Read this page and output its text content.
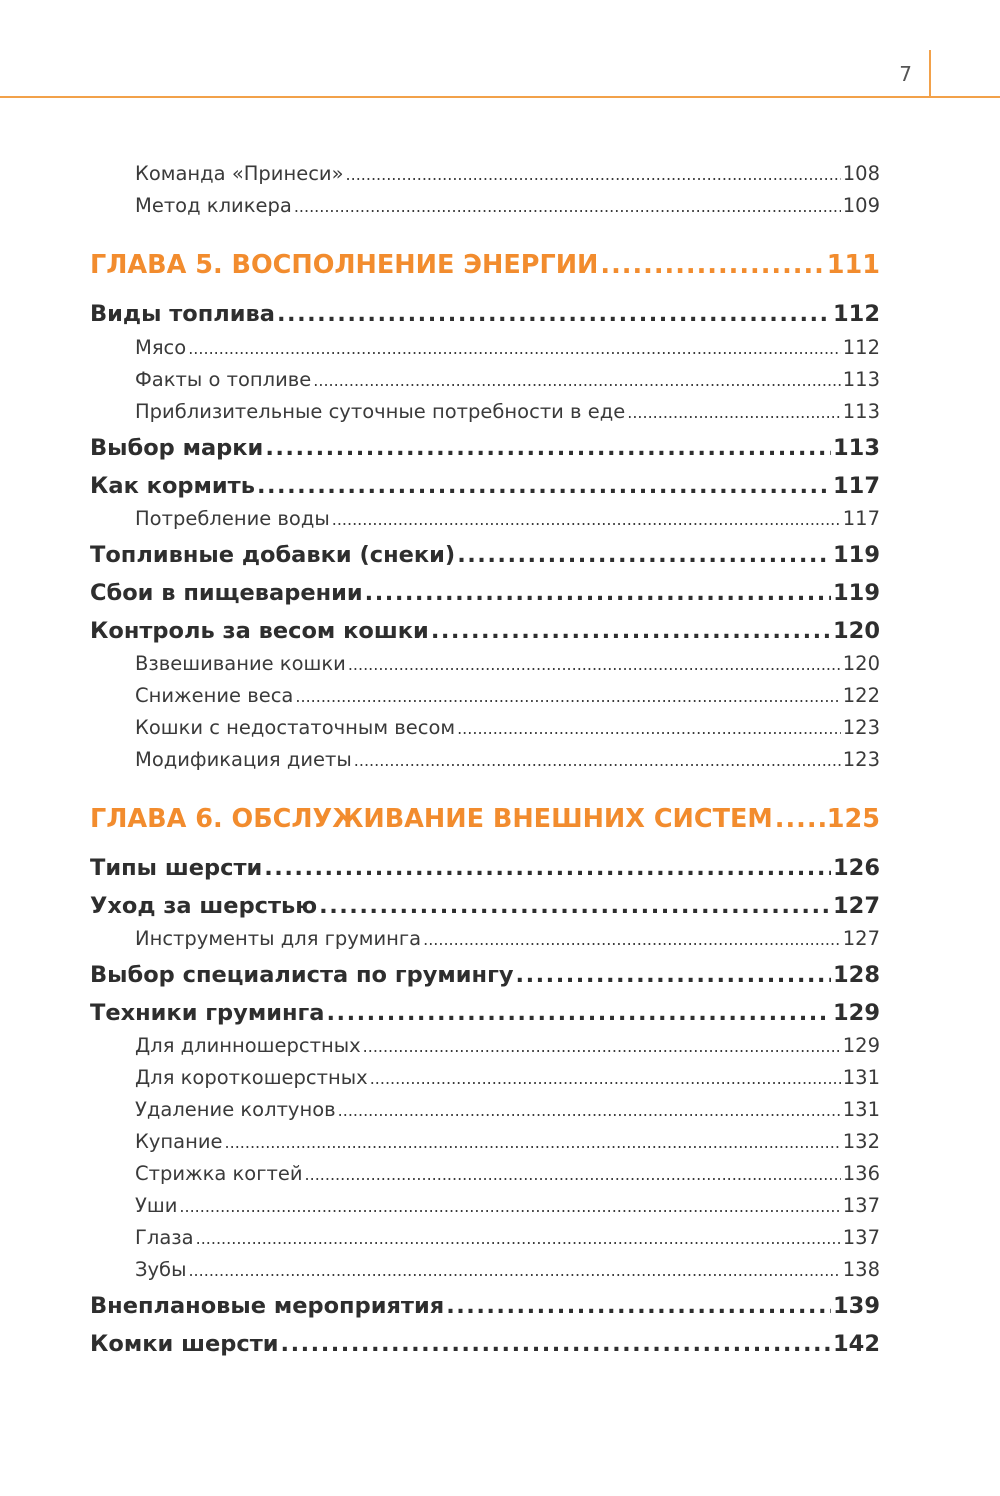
7
Команда «Принеси» .....	108
Метод кликера .....	109
ГЛАВА 5. ВОСПОЛНЕНИЕ ЭНЕРГИИ .....	111
Виды топлива .....	112
Мясо .....	112
Факты о топливе .....	113
Приблизительные суточные потребности в еде .....	113
Выбор марки .....	113
Как кормить .....	117
Потребление воды .....	117
Топливные добавки (снеки) .....	119
Сбои в пищеварении .....	119
Контроль за весом кошки .....	120
Взвешивание кошки .....	120
Снижение веса .....	122
Кошки с недостаточным весом .....	123
Модификация диеты .....	123
ГЛАВА 6. ОБСЛУЖИВАНИЕ ВНЕШНИХ СИСТЕМ ..... 125
Типы шерсти .....	126
Уход за шерстью .....	127
Инструменты для груминга .....	127
Выбор специалиста по грумингу .....	128
Техники груминга .....	129
Для длинношерстных .....	129
Для короткошерстных .....	131
Удаление колтунов .....	131
Купание .....	132
Стрижка когтей .....	136
Уши .....	137
Глаза .....	137
Зубы .....	138
Внеплановые мероприятия .....	139
Комки шерсти .....	142
